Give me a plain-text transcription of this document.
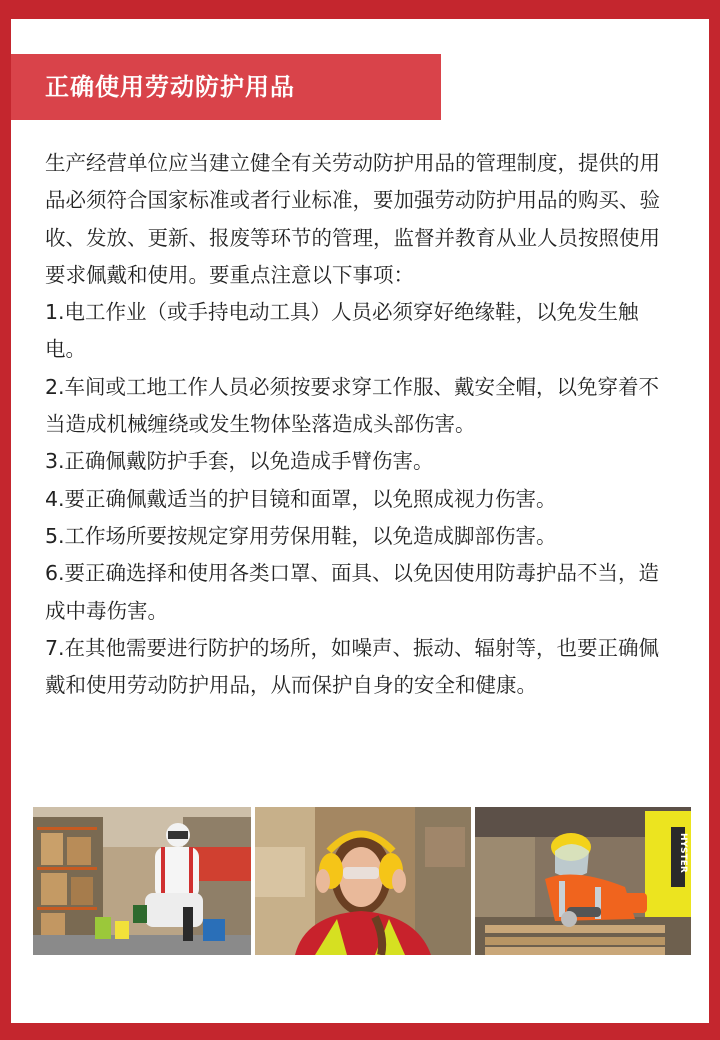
正确使用劳动防护用品

生产经营单位应当建立健全有关劳动防护用品的管理制度，提供的用品必须符合国家标准或者行业标准，要加强劳动防护用品的购买、验收、发放、更新、报废等环节的管理，监督并教育从业人员按照使用要求佩戴和使用。要重点注意以下事项：

1.电工作业（或手持电动工具）人员必须穿好绝缘鞋，以免发生触电。

2.车间或工地工作人员必须按要求穿工作服、戴安全帽，以免穿着不当造成机械缠绕或发生物体坠落造成头部伤害。

3.正确佩戴防护手套，以免造成手臂伤害。

4.要正确佩戴适当的护目镜和面罩，以免照成视力伤害。

5.工作场所要按规定穿用劳保用鞋，以免造成脚部伤害。

6.要正确选择和使用各类口罩、面具、以免因使用防毒护品不当，造成中毒伤害。

7.在其他需要进行防护的场所，如噪声、振动、辐射等，也要正确佩戴和使用劳动防护用品，从而保护自身的安全和健康。

HYSTER
